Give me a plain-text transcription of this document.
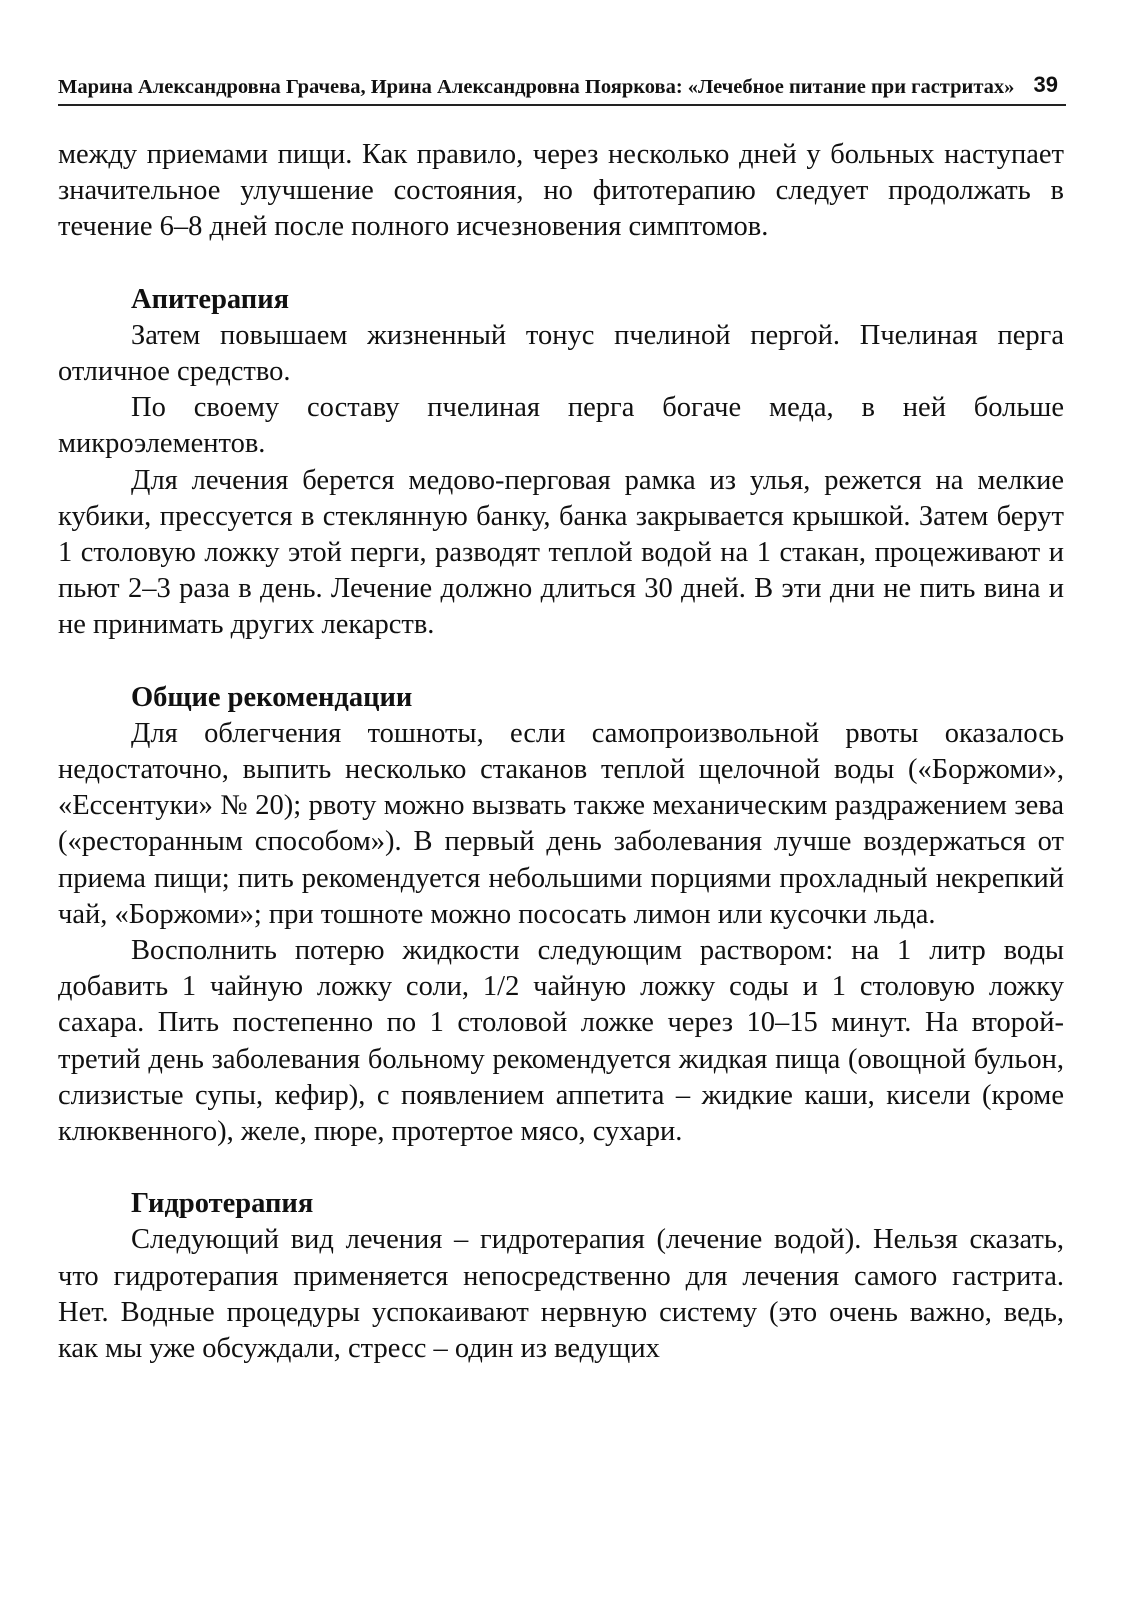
Марина Александровна Грачева, Ирина Александровна Пояркова: «Лечебное питание при гастритах» 39

между приемами пищи. Как правило, через несколько дней у больных наступает значительное улучшение состояния, но фитотерапию следует продолжать в течение 6–8 дней после полного исчезновения симптомов.

Апитерапия

Затем повышаем жизненный тонус пчелиной пергой. Пчелиная перга отличное средство.

По своему составу пчелиная перга богаче меда, в ней больше микроэлементов.

Для лечения берется медово-перговая рамка из улья, режется на мелкие кубики, прессуется в стеклянную банку, банка закрывается крышкой. Затем берут 1 столовую ложку этой перги, разводят теплой водой на 1 стакан, процеживают и пьют 2–3 раза в день. Лечение должно длиться 30 дней. В эти дни не пить вина и не принимать других лекарств.

Общие рекомендации

Для облегчения тошноты, если самопроизвольной рвоты оказалось недостаточно, выпить несколько стаканов теплой щелочной воды («Боржоми», «Ессентуки» № 20); рвоту можно вызвать также механическим раздражением зева («ресторанным способом»). В первый день заболевания лучше воздержаться от приема пищи; пить рекомендуется небольшими порциями прохладный некрепкий чай, «Боржоми»; при тошноте можно пососать лимон или кусочки льда.

Восполнить потерю жидкости следующим раствором: на 1 литр воды добавить 1 чайную ложку соли, 1/2 чайную ложку соды и 1 столовую ложку сахара. Пить постепенно по 1 столовой ложке через 10–15 минут. На второй-третий день заболевания больному рекомендуется жидкая пища (овощной бульон, слизистые супы, кефир), с появлением аппетита – жидкие каши, кисели (кроме клюквенного), желе, пюре, протертое мясо, сухари.

Гидротерапия

Следующий вид лечения – гидротерапия (лечение водой). Нельзя сказать, что гидротерапия применяется непосредственно для лечения самого гастрита. Нет. Водные процедуры успокаивают нервную систему (это очень важно, ведь, как мы уже обсуждали, стресс – один из ведущих
